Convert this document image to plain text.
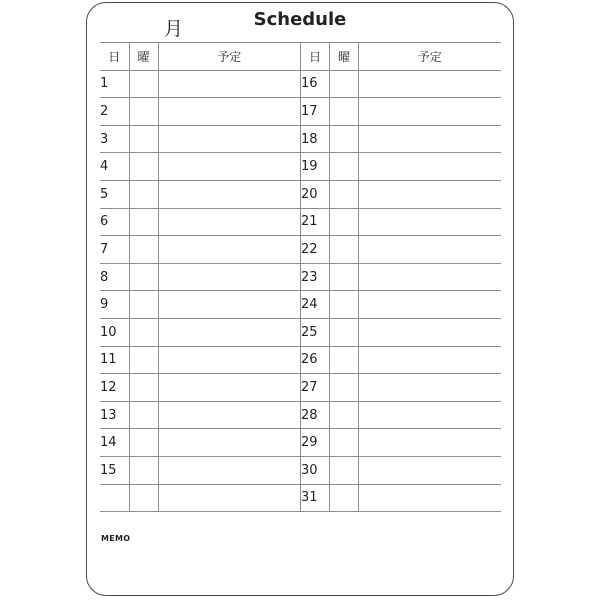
月	Schedule
日	曜	予定
1		
2		
3		
4		
5		
6		
7		
8		
9		
10		
11		
12		
13		
14		
15		

日	曜	予定
16		
17		
18		
19		
20		
21		
22		
23		
24		
25		
26		
27		
28		
29		
30		
31		
MEMO
